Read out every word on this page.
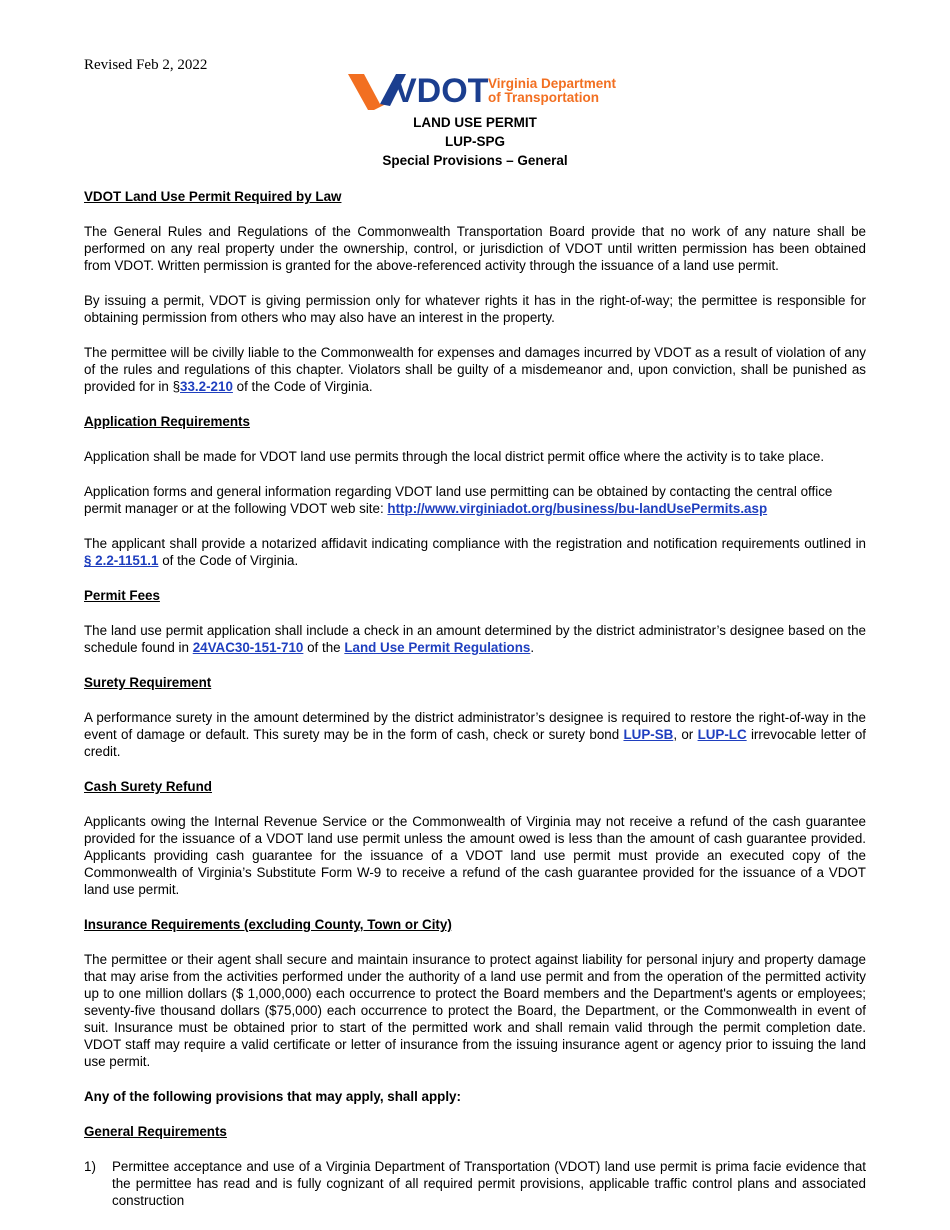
Revised Feb 2, 2022
VDOT Virginia Department
of Transportation
LAND USE PERMIT
LUP-SPG
Special Provisions – General
VDOT Land Use Permit Required by Law

The General Rules and Regulations of the Commonwealth Transportation Board provide that no work of any nature shall be performed on any real property under the ownership, control, or jurisdiction of VDOT until written permission has been obtained from VDOT. Written permission is granted for the above-referenced activity through the issuance of a land use permit.

By issuing a permit, VDOT is giving permission only for whatever rights it has in the right-of-way; the permittee is responsible for obtaining permission from others who may also have an interest in the property.

The permittee will be civilly liable to the Commonwealth for expenses and damages incurred by VDOT as a result of violation of any of the rules and regulations of this chapter. Violators shall be guilty of a misdemeanor and, upon conviction, shall be punished as provided for in §33.2-210 of the Code of Virginia.

Application Requirements

Application shall be made for VDOT land use permits through the local district permit office where the activity is to take place.

Application forms and general information regarding VDOT land use permitting can be obtained by contacting the central office permit manager or at the following VDOT web site: http://www.virginiadot.org/business/bu-landUsePermits.asp

The applicant shall provide a notarized affidavit indicating compliance with the registration and notification requirements outlined in § 2.2-1151.1 of the Code of Virginia.

Permit Fees

The land use permit application shall include a check in an amount determined by the district administrator’s designee based on the schedule found in 24VAC30-151-710 of the Land Use Permit Regulations.

Surety Requirement

A performance surety in the amount determined by the district administrator’s designee is required to restore the right-of-way in the event of damage or default. This surety may be in the form of cash, check or surety bond LUP-SB, or LUP-LC irrevocable letter of credit.

Cash Surety Refund

Applicants owing the Internal Revenue Service or the Commonwealth of Virginia may not receive a refund of the cash guarantee provided for the issuance of a VDOT land use permit unless the amount owed is less than the amount of cash guarantee provided. Applicants providing cash guarantee for the issuance of a VDOT land use permit must provide an executed copy of the Commonwealth of Virginia’s Substitute Form W-9 to receive a refund of the cash guarantee provided for the issuance of a VDOT land use permit.

Insurance Requirements (excluding County, Town or City)

The permittee or their agent shall secure and maintain insurance to protect against liability for personal injury and property damage that may arise from the activities performed under the authority of a land use permit and from the operation of the permitted activity up to one million dollars ($ 1,000,000) each occurrence to protect the Board members and the Department's agents or employees; seventy-five thousand dollars ($75,000) each occurrence to protect the Board, the Department, or the Commonwealth in event of suit. Insurance must be obtained prior to start of the permitted work and shall remain valid through the permit completion date. VDOT staff may require a valid certificate or letter of insurance from the issuing insurance agent or agency prior to issuing the land use permit.

Any of the following provisions that may apply, shall apply:
General Requirements
1)	Permittee acceptance and use of a Virginia Department of Transportation (VDOT) land use permit is prima facie evidence that the permittee has read and is fully cognizant of all required permit provisions, applicable traffic control plans and associated construction
